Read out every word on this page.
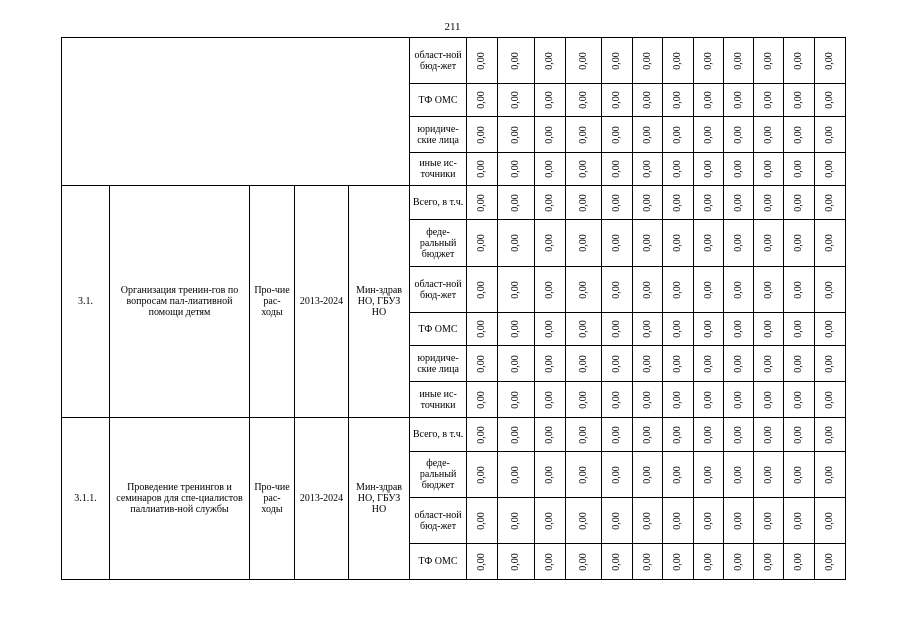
211
					област-ной бюд-жет	0,00	0,00	0,00	0,00	0,00	0,00	0,00	0,00	0,00	0,00	0,00	0,00

					ТФ ОМС	0,00	0,00	0,00	0,00	0,00	0,00	0,00	0,00	0,00	0,00	0,00	0,00

					юридиче-ские лица	0,00	0,00	0,00	0,00	0,00	0,00	0,00	0,00	0,00	0,00	0,00	0,00

					иные ис-точники	0,00	0,00	0,00	0,00	0,00	0,00	0,00	0,00	0,00	0,00	0,00	0,00

3.1.	Организация тренин-гов по вопросам пал-лиативной помощи детям	Про-чие рас-ходы	2013-2024	Мин-здрав НО, ГБУЗ НО	Всего, в т.ч.	0,00	0,00	0,00	0,00	0,00	0,00	0,00	0,00	0,00	0,00	0,00	0,00

					феде-ральный бюджет	0,00	0,00	0,00	0,00	0,00	0,00	0,00	0,00	0,00	0,00	0,00	0,00

					област-ной бюд-жет	0,00	0,00	0,00	0,00	0,00	0,00	0,00	0,00	0,00	0,00	0,00	0,00

					ТФ ОМС	0,00	0,00	0,00	0,00	0,00	0,00	0,00	0,00	0,00	0,00	0,00	0,00

					юридиче-ские лица	0,00	0,00	0,00	0,00	0,00	0,00	0,00	0,00	0,00	0,00	0,00	0,00

					иные ис-точники	0,00	0,00	0,00	0,00	0,00	0,00	0,00	0,00	0,00	0,00	0,00	0,00

3.1.1.	Проведение тренингов и семинаров для спе-циалистов паллиатив-ной службы	Про-чие рас-ходы	2013-2024	Мин-здрав НО, ГБУЗ НО	Всего, в т.ч.	0,00	0,00	0,00	0,00	0,00	0,00	0,00	0,00	0,00	0,00	0,00	0,00

					феде-ральный бюджет	0,00	0,00	0,00	0,00	0,00	0,00	0,00	0,00	0,00	0,00	0,00	0,00

					област-ной бюд-жет	0,00	0,00	0,00	0,00	0,00	0,00	0,00	0,00	0,00	0,00	0,00	0,00

					ТФ ОМС	0,00	0,00	0,00	0,00	0,00	0,00	0,00	0,00	0,00	0,00	0,00	0,00
